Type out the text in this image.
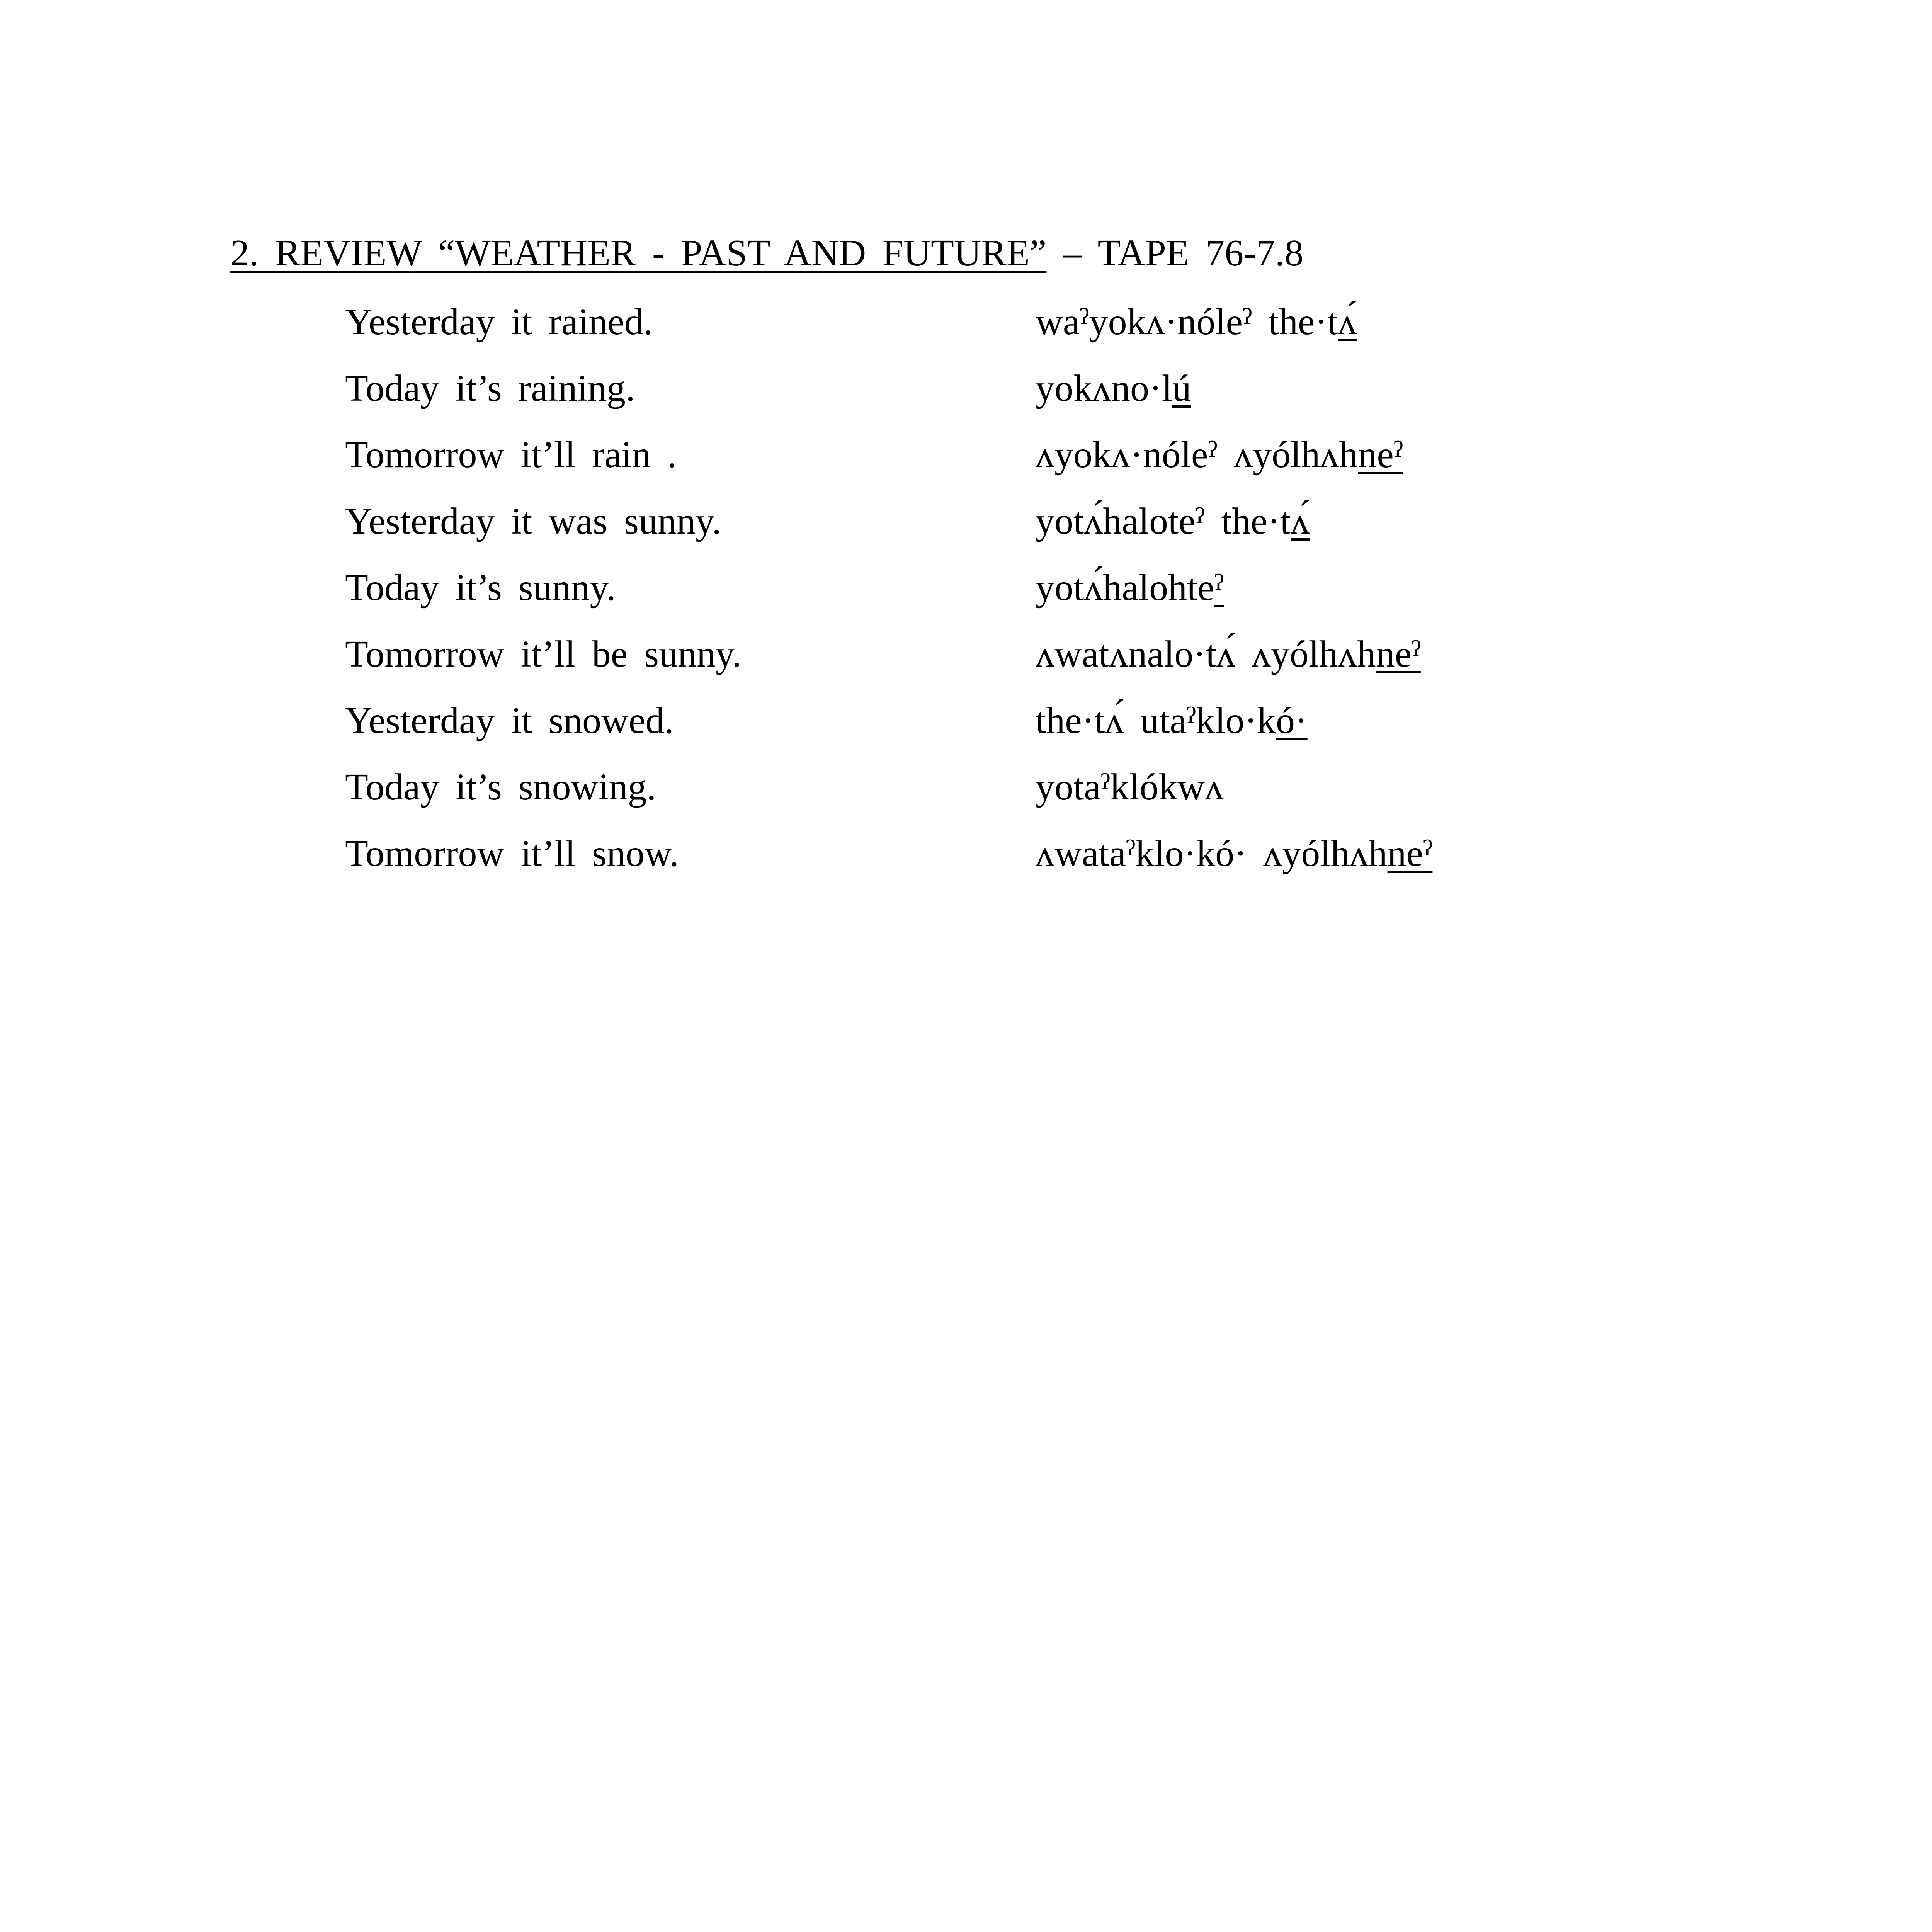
2. REVIEW “WEATHER - PAST AND FUTURE” – TAPE 76-7.8
Yesterday it rained.	waˀyokʌ·nóleˀ the·tʌ́
Today it’s raining.	yokʌno·lú
Tomorrow it’ll rain .	ʌyokʌ·nóleˀ ʌyólhʌhneˀ
Yesterday it was sunny.	yotʌ́haloteˀ the·tʌ́
Today it’s sunny.	yotʌ́halohteˀ
Tomorrow it’ll be sunny.	ʌwatʌnalo·tʌ́ ʌyólhʌhneˀ
Yesterday it snowed.	the·tʌ́ utaˀklo·kó·
Today it’s snowing.	yotaˀklókwʌ
Tomorrow it’ll snow.	ʌwataˀklo·kó· ʌyólhʌhneˀ
